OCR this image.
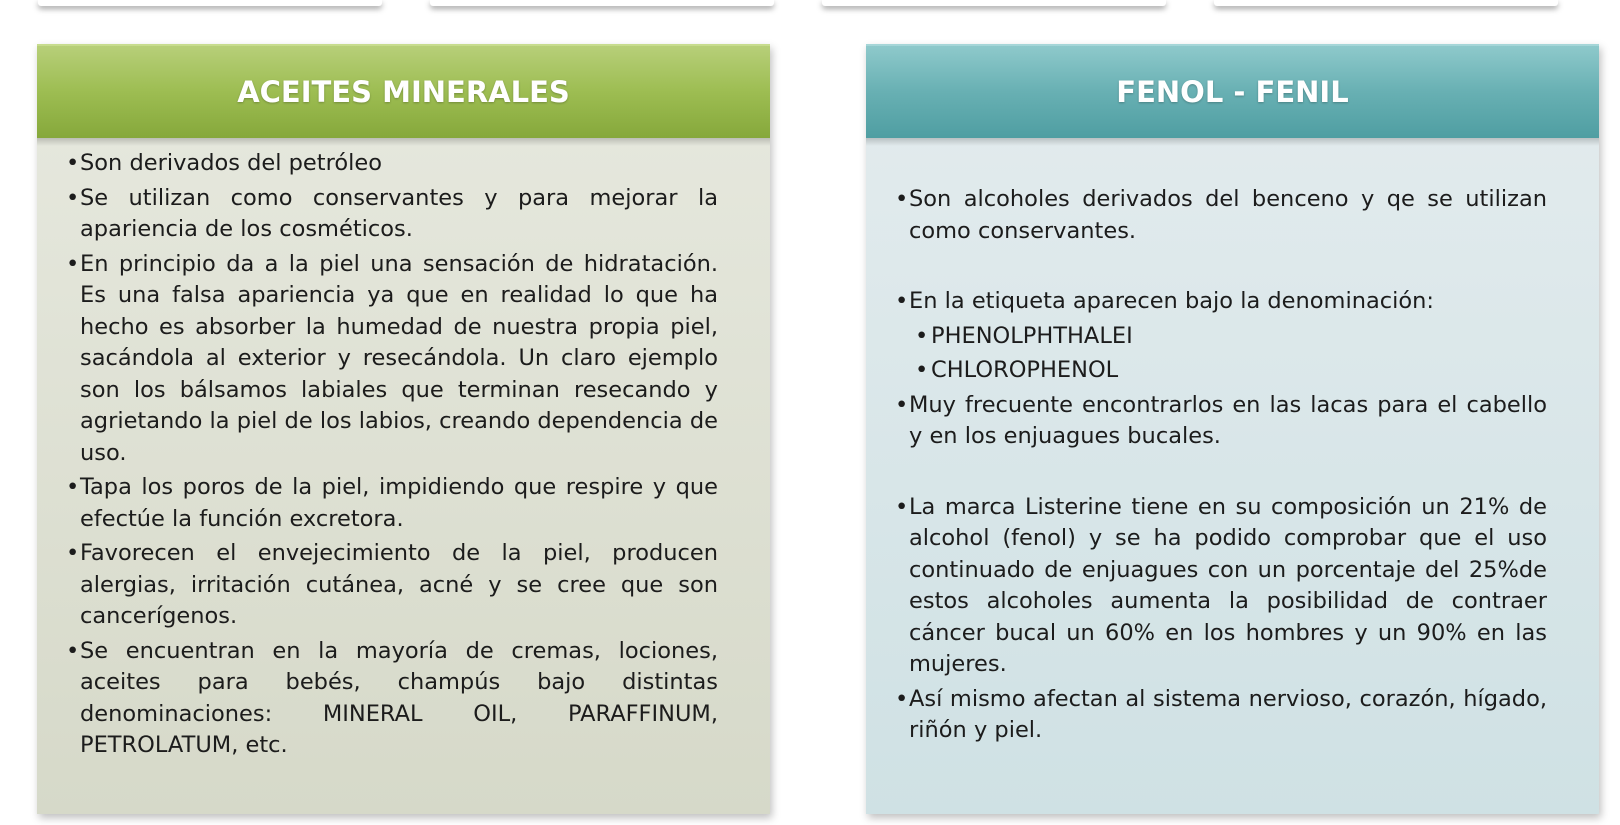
ACEITES MINERALES
• Son derivados del petróleo
• Se utilizan como conservantes y para mejorar la apariencia de los cosméticos.
• En principio da a la piel una sensación de hidratación. Es una falsa apariencia ya que en realidad lo que ha hecho es absorber la humedad de nuestra propia piel, sacándola al exterior y resecándola. Un claro ejemplo son los bálsamos labiales que terminan resecando y agrietando la piel de los labios, creando dependencia de uso.
• Tapa los poros de la piel, impidiendo que respire y que efectúe la función excretora.
• Favorecen el envejecimiento de la piel, producen alergias, irritación cutánea, acné y se cree que son cancerígenos.
• Se encuentran en la mayoría de cremas, lociones, aceites para bebés, champús bajo distintas denominaciones: MINERAL OIL, PARAFFINUM, PETROLATUM, etc.
FENOL - FENIL
• Son alcoholes derivados del benceno y qe se utilizan como conservantes.
• En la etiqueta aparecen bajo la denominación:
• PHENOLPHTHALEI
• CHLOROPHENOL
• Muy frecuente encontrarlos en las lacas para el cabello y en los enjuagues bucales.
• La marca Listerine tiene en su composición un 21% de alcohol (fenol) y se ha podido comprobar que el uso continuado de enjuagues con un porcentaje del 25%de estos alcoholes aumenta la posibilidad de contraer cáncer bucal un 60% en los hombres y un 90% en las mujeres.
• Así mismo afectan al sistema nervioso, corazón, hígado, riñón y piel.
